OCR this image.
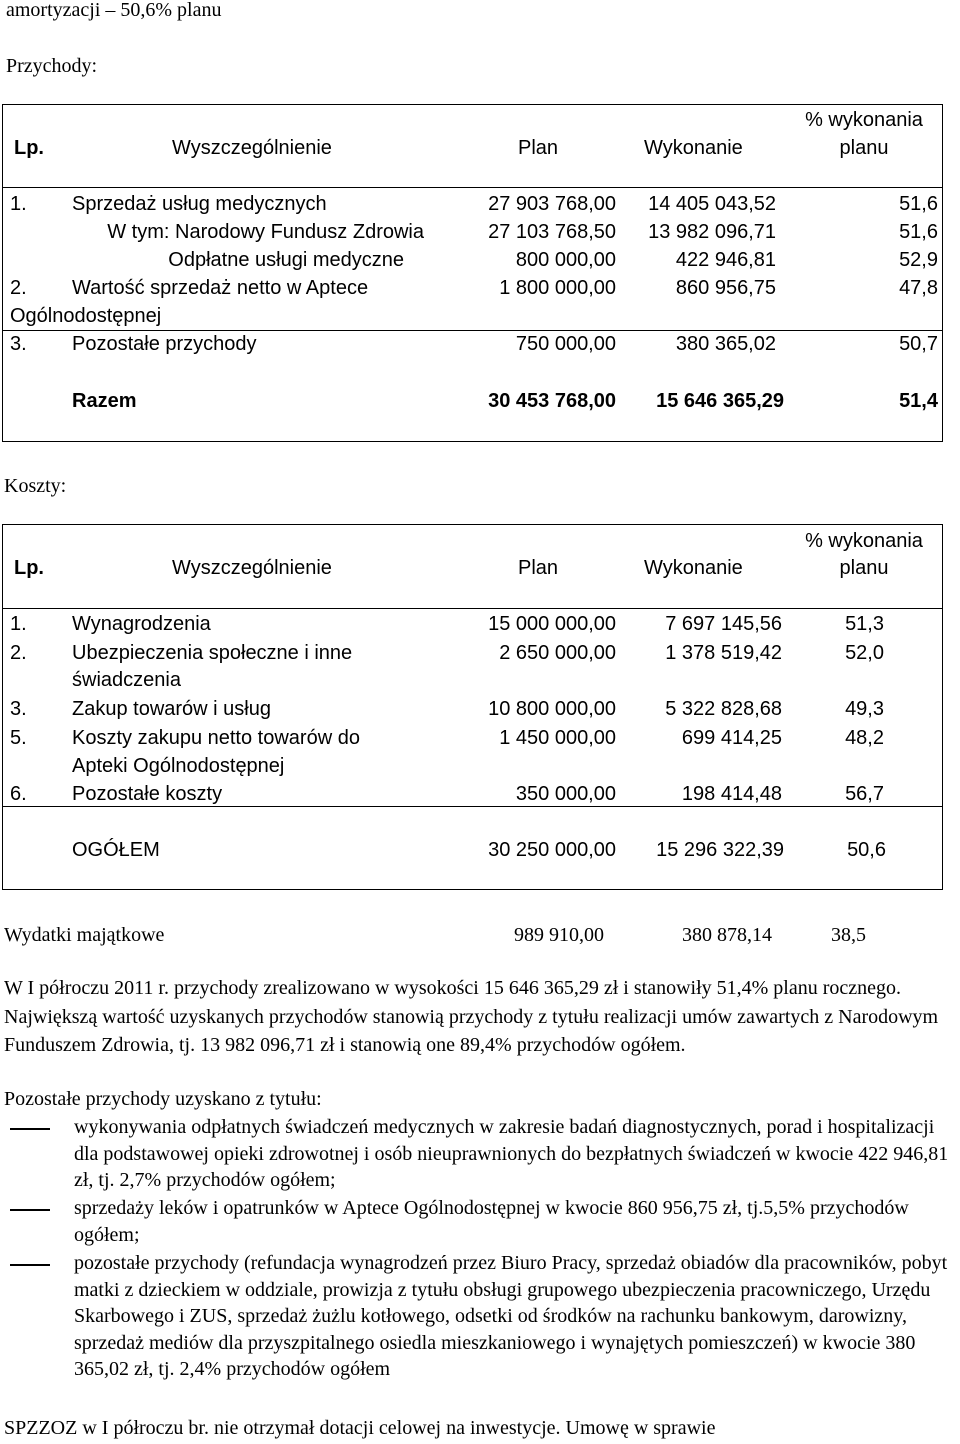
amortyzacji – 50,6% planu
Przychody:
Lp.	Wyszczególnienie	Plan	Wykonanie
% wykonania
planu
1. Sprzedaż usług medycznych	27 903 768,00	14 405 043,52	51,6
W tym: Narodowy Fundusz Zdrowia	27 103 768,50	13 982 096,71	51,6
Odpłatne usługi medyczne	800 000,00	422 946,81	52,9
2. Wartość sprzedaż netto w Aptece
Ogólnodostępnej
1 800 000,00	860 956,75	47,8
3. Pozostałe przychody	750 000,00	380 365,02	50,7
Razem	30 453 768,00	15 646 365,29	51,4
Koszty:
Lp.	Wyszczególnienie	Plan	Wykonanie
% wykonania
planu
1. Wynagrodzenia	15 000 000,00	7 697 145,56	51,3
2. Ubezpieczenia społeczne i inne
świadczenia
2 650 000,00	1 378 519,42	52,0
3. Zakup towarów i usług	10 800 000,00	5 322 828,68	49,3
5. Koszty zakupu netto towarów do
Apteki Ogólnodostępnej
1 450 000,00	699 414,25	48,2
6. Pozostałe koszty	350 000,00	198 414,48	56,7
OGÓŁEM	30 250 000,00	15 296 322,39	50,6
Wydatki majątkowe	989 910,00	380 878,14	38,5
W I półroczu 2011 r. przychody zrealizowano w wysokości 15 646 365,29 zł i stanowiły 51,4% planu rocznego. Największą wartość uzyskanych przychodów stanowią przychody z tytułu realizacji umów zawartych z Narodowym Funduszem Zdrowia, tj. 13 982 096,71 zł i stanowią one 89,4% przychodów ogółem.
Pozostałe przychody uzyskano z tytułu:
wykonywania odpłatnych świadczeń medycznych w zakresie badań diagnostycznych, porad i hospitalizacji dla podstawowej opieki zdrowotnej i osób nieuprawnionych do bezpłatnych świadczeń w kwocie 422 946,81 zł, tj. 2,7% przychodów ogółem;
sprzedaży leków i opatrunków w Aptece Ogólnodostępnej w kwocie 860 956,75 zł, tj.5,5% przychodów ogółem;
pozostałe przychody (refundacja wynagrodzeń przez Biuro Pracy, sprzedaż obiadów dla pracowników, pobyt matki z dzieckiem w oddziale, prowizja z tytułu obsługi grupowego ubezpieczenia pracowniczego, Urzędu Skarbowego i ZUS, sprzedaż żużlu kotłowego, odsetki od środków na rachunku bankowym, darowizny, sprzedaż mediów dla przyszpitalnego osiedla mieszkaniowego i wynajętych pomieszczeń) w kwocie 380 365,02 zł, tj. 2,4% przychodów ogółem
SPZZOZ w I półroczu br. nie otrzymał dotacji celowej na inwestycje. Umowę w sprawie
